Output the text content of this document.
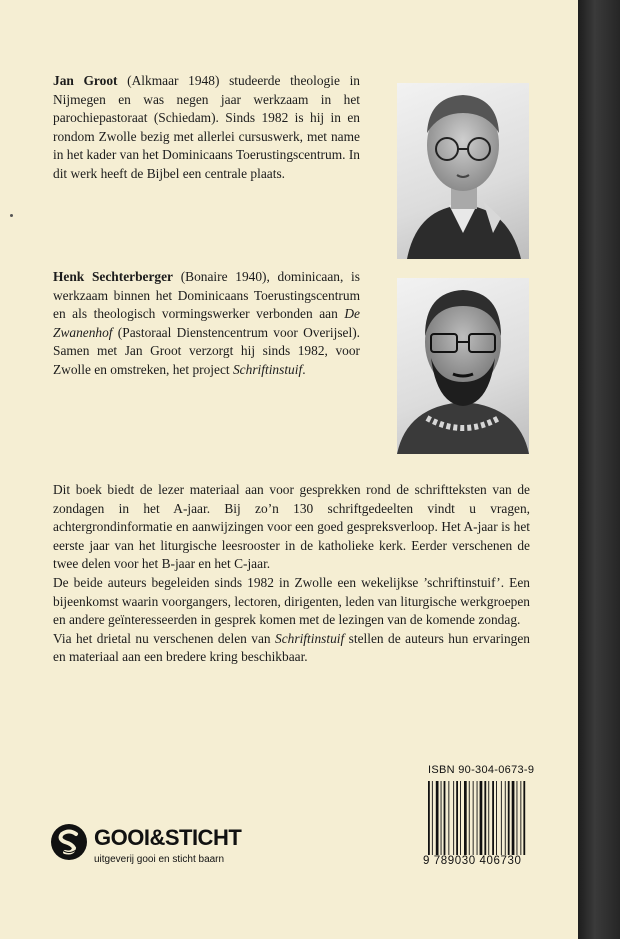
Jan Groot (Alkmaar 1948) studeerde theologie in Nijmegen en was negen jaar werkzaam in het parochiepastoraat (Schiedam). Sinds 1982 is hij in en rondom Zwolle bezig met allerlei cursuswerk, met name in het kader van het Dominicaans Toerustingscentrum. In dit werk heeft de Bijbel een centrale plaats.
Henk Sechterberger (Bonaire 1940), dominicaan, is werkzaam binnen het Dominicaans Toerustingscentrum en als theologisch vormingswerker verbonden aan De Zwanenhof (Pastoraal Dienstencentrum voor Overijsel). Samen met Jan Groot verzorgt hij sinds 1982, voor Zwolle en omstreken, het project Schriftinstuif.

Dit boek biedt de lezer materiaal aan voor gesprekken rond de schriftteksten van de zondagen in het A-jaar. Bij zo’n 130 schriftgedeelten vindt u vragen, achtergrondinformatie en aanwijzingen voor een goed gespreksverloop. Het A-jaar is het eerste jaar van het liturgische leesrooster in de katholieke kerk. Eerder verschenen de twee delen voor het B-jaar en het C-jaar.

De beide auteurs begeleiden sinds 1982 in Zwolle een wekelijkse ’schriftinstuif’. Een bijeenkomst waarin voorgangers, lectoren, dirigenten, leden van liturgische werkgroepen en andere geïnteresseerden in gesprek komen met de lezingen van de komende zondag.

Via het drietal nu verschenen delen van Schriftinstuif stellen de auteurs hun ervaringen en materiaal aan een bredere kring beschikbaar.

ISBN 90-304-0673-9
9 789030 406730
GOOI&STICHT
uitgeverij gooi en sticht baarn
